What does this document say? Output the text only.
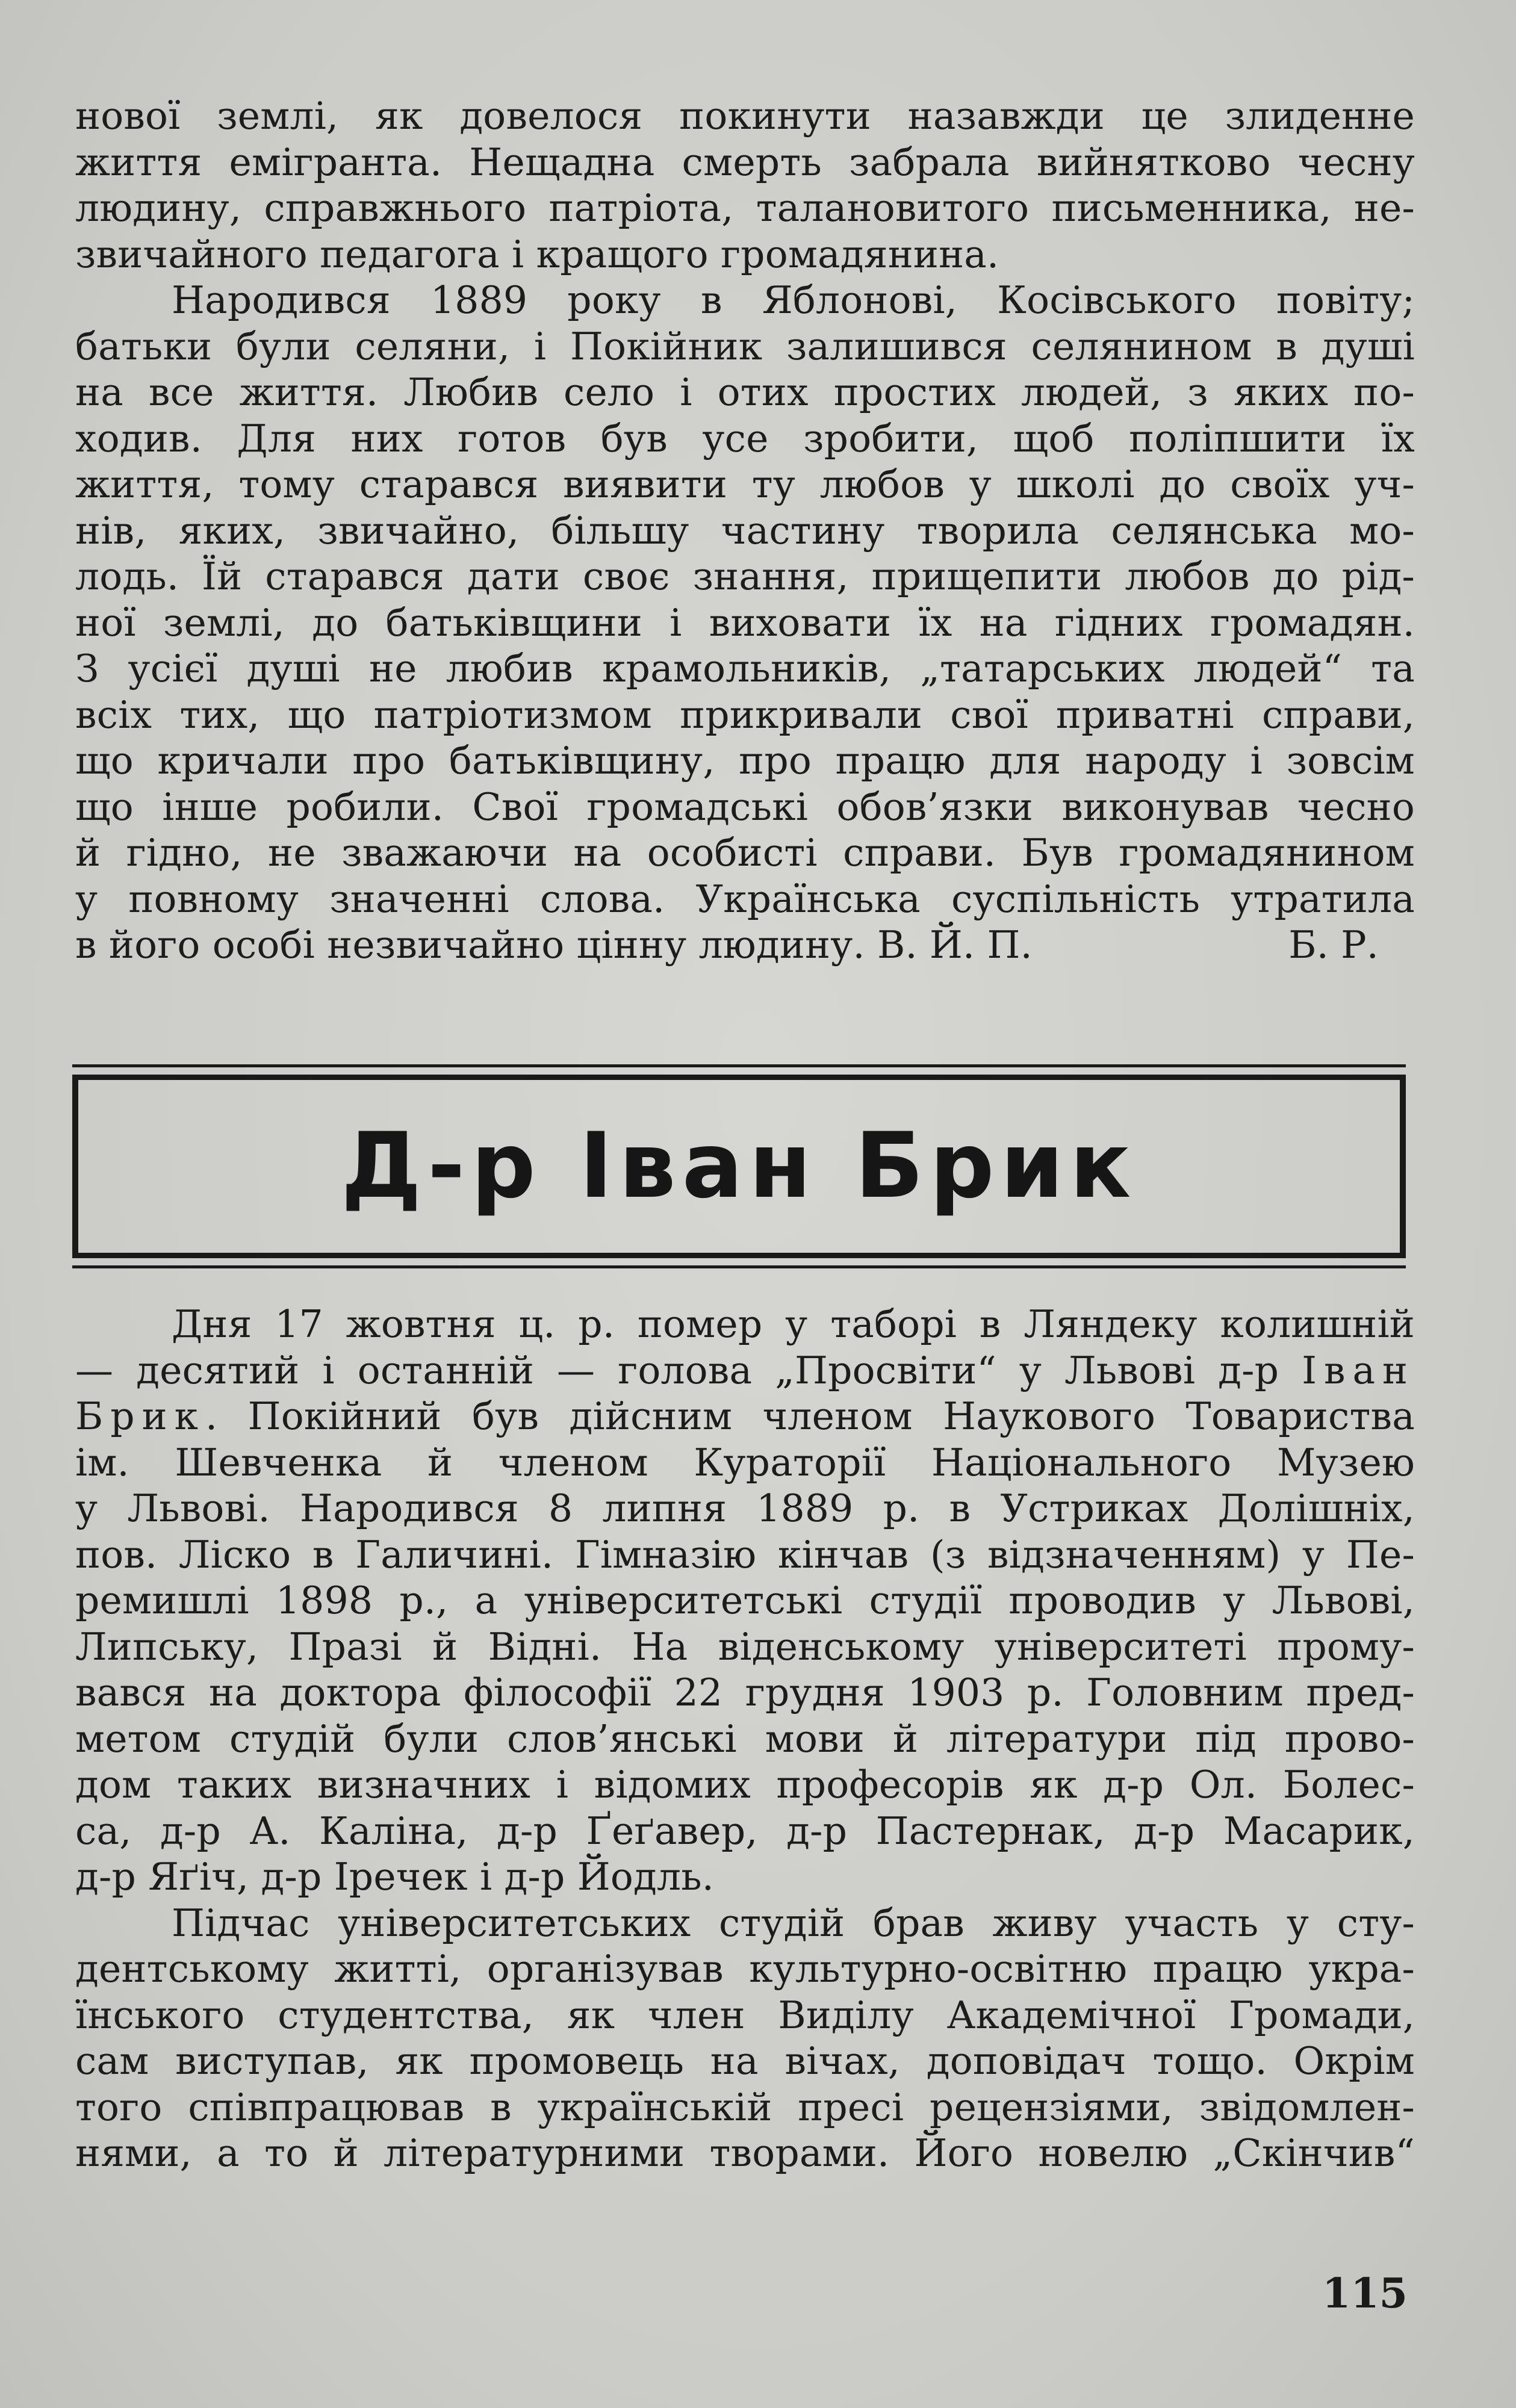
нової землі, як довелося покинути назавжди це злиденне

життя емігранта. Нещадна смерть забрала вийнятково чесну

людину, справжнього патріота, талановитого письменника, не-

звичайного педагога і кращого громадянина.

Народився 1889 року в Яблонові, Косівського повіту;

батьки були селяни, і Покійник залишився селянином в душі

на все життя. Любив село і отих простих людей, з яких по-

ходив. Для них готов був усе зробити, щоб поліпшити їх

життя, тому старався виявити ту любов у школі до своїх уч-

нів, яких, звичайно, більшу частину творила селянська мо-

лодь. Їй старався дати своє знання, прищепити любов до рід-

ної землі, до батьківщини і виховати їх на гідних громадян.

З усієї душі не любив крамольників, „татарських людей“ та

всіх тих, що патріотизмом прикривали свої приватні справи,

що кричали про батьківщину, про працю для народу і зовсім

що інше робили. Свої громадські обов’язки виконував чесно

й гідно, не зважаючи на особисті справи. Був громадянином

у повному значенні слова. Українська суспільність утратила

в його особі незвичайно цінну людину. В. Й. П.	Б. Р.

Д-р Іван Брик

Дня 17 жовтня ц. р. помер у таборі в Ляндеку колишній

— десятий і останній — голова „Просвіти“ у Львові д-р Іван

Брик. Покійний був дійсним членом Наукового Товариства

ім. Шевченка й членом Кураторії Національного Музею

у Львові. Народився 8 липня 1889 р. в Устриках Долішніх,

пов. Ліско в Галичині. Гімназію кінчав (з відзначенням) у Пе-

ремишлі 1898 р., а університетські студії проводив у Львові,

Липську, Празі й Відні. На віденському університеті прому-

вався на доктора філософії 22 грудня 1903 р. Головним пред-

метом студій були слов’янські мови й літератури під прово-

дом таких визначних і відомих професорів як д-р Ол. Болес-

са, д-р А. Каліна, д-р Ґеґавер, д-р Пастернак, д-р Масарик,

д-р Яґіч, д-р Іречек і д-р Йодль.

Підчас університетських студій брав живу участь у сту-

дентському житті, організував культурно-освітню працю укра-

їнського студентства, як член Виділу Академічної Громади,

сам виступав, як промовець на вічах, доповідач тощо. Окрім

того співпрацював в українській пресі рецензіями, звідомлен-

нями, а то й літературними творами. Його новелю „Скінчив“

115
